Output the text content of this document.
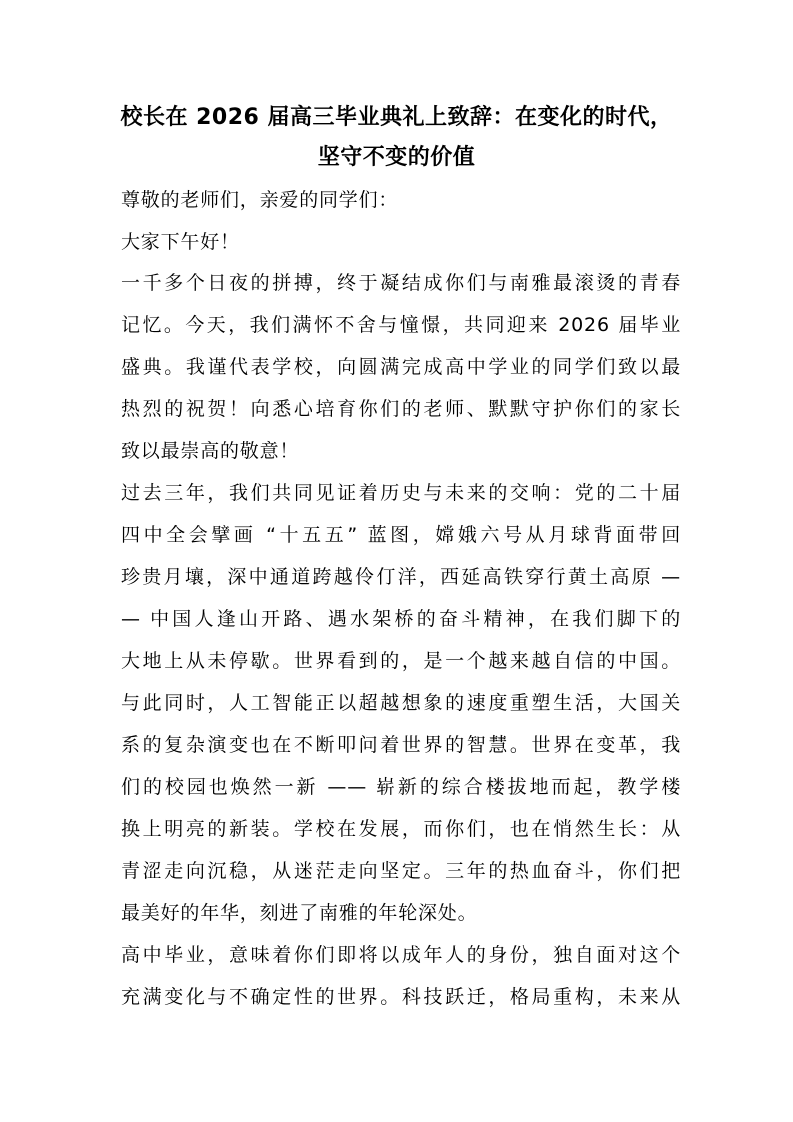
校长在 2026 届高三毕业典礼上致辞：在变化的时代，
坚守不变的价值
尊敬的老师们，亲爱的同学们：
大家下午好！
一千多个日夜的拼搏，终于凝结成你们与南雅最滚烫的青春
记忆。今天，我们满怀不舍与憧憬，共同迎来 2026 届毕业
盛典。我谨代表学校，向圆满完成高中学业的同学们致以最
热烈的祝贺！向悉心培育你们的老师、默默守护你们的家长
致以最崇高的敬意！
过去三年，我们共同见证着历史与未来的交响：党的二十届
四中全会擘画 “十五五” 蓝图，嫦娥六号从月球背面带回
珍贵月壤，深中通道跨越伶仃洋，西延高铁穿行黄土高原 —
— 中国人逢山开路、遇水架桥的奋斗精神，在我们脚下的
大地上从未停歇。世界看到的，是一个越来越自信的中国。
与此同时，人工智能正以超越想象的速度重塑生活，大国关
系的复杂演变也在不断叩问着世界的智慧。世界在变革，我
们的校园也焕然一新 —— 崭新的综合楼拔地而起，教学楼
换上明亮的新装。学校在发展，而你们，也在悄然生长：从
青涩走向沉稳，从迷茫走向坚定。三年的热血奋斗，你们把
最美好的年华，刻进了南雅的年轮深处。
高中毕业，意味着你们即将以成年人的身份，独自面对这个
充满变化与不确定性的世界。科技跃迁，格局重构，未来从
